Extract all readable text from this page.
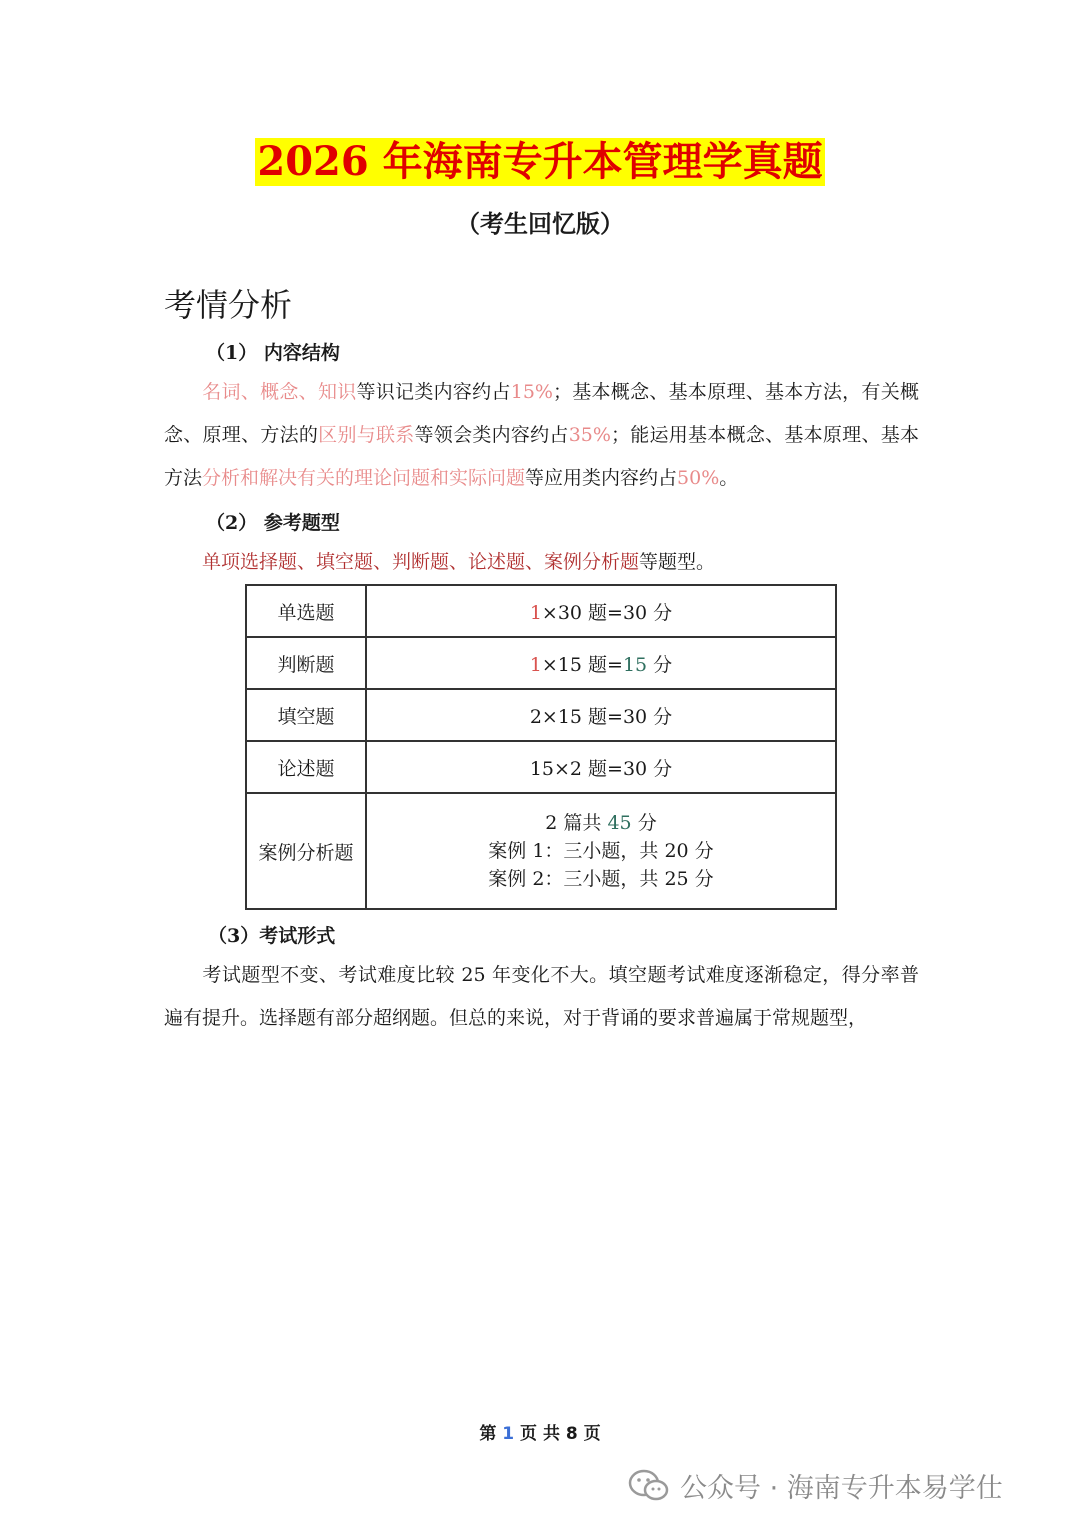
2026 年海南专升本管理学真题
（考生回忆版）
考情分析
（1） 内容结构
名词、概念、知识等识记类内容约占15%；基本概念、基本原理、基本方法，有关概念、原理、方法的区别与联系等领会类内容约占35%；能运用基本概念、基本原理、基本方法分析和解决有关的理论问题和实际问题等应用类内容约占50%。
（2） 参考题型
单项选择题、填空题、判断题、论述题、案例分析题等题型。
单选题	1×30 题=30 分
判断题	1×15 题=15 分
填空题	2×15 题=30 分
论述题	15×2 题=30 分
案例分析题	2 篇共 45 分
案例 1：三小题，共 20 分
案例 2：三小题，共 25 分
（3）考试形式
考试题型不变、考试难度比较 25 年变化不大。填空题考试难度逐渐稳定，得分率普遍有提升。选择题有部分超纲题。但总的来说，对于背诵的要求普遍属于常规题型，
第 1 页 共 8 页
公众号 · 海南专升本易学仕
